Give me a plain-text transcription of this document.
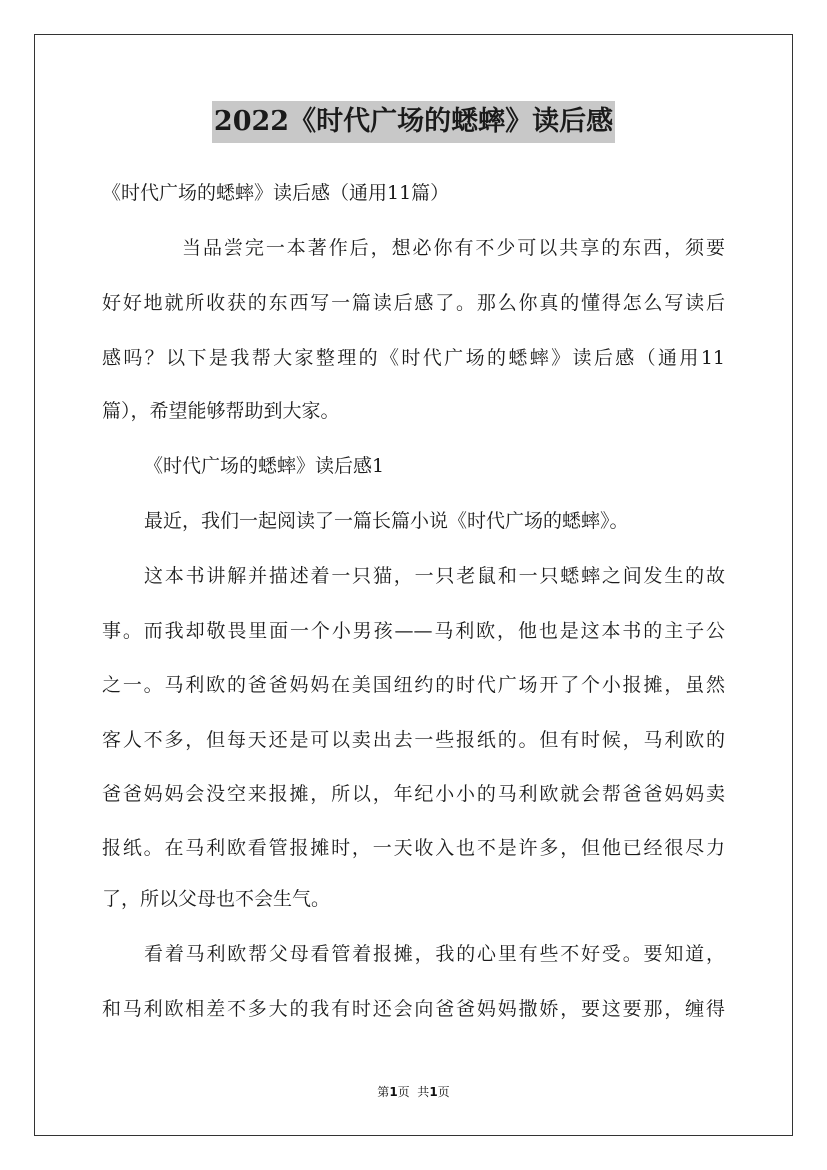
2022《时代广场的蟋蟀》读后感

《时代广场的蟋蟀》读后感（通用11篇）

当品尝完一本著作后，想必你有不少可以共享的东西，须要

好好地就所收获的东西写一篇读后感了。那么你真的懂得怎么写读后

感吗？以下是我帮大家整理的《时代广场的蟋蟀》读后感（通用11

篇），希望能够帮助到大家。

《时代广场的蟋蟀》读后感1

最近，我们一起阅读了一篇长篇小说《时代广场的蟋蟀》。

这本书讲解并描述着一只猫，一只老鼠和一只蟋蟀之间发生的故

事。而我却敬畏里面一个小男孩——马利欧，他也是这本书的主子公

之一。马利欧的爸爸妈妈在美国纽约的时代广场开了个小报摊，虽然

客人不多，但每天还是可以卖出去一些报纸的。但有时候，马利欧的

爸爸妈妈会没空来报摊，所以，年纪小小的马利欧就会帮爸爸妈妈卖

报纸。在马利欧看管报摊时，一天收入也不是许多，但他已经很尽力

了，所以父母也不会生气。

看着马利欧帮父母看管着报摊，我的心里有些不好受。要知道，

和马利欧相差不多大的我有时还会向爸爸妈妈撒娇，要这要那，缠得

第1页  共1页
